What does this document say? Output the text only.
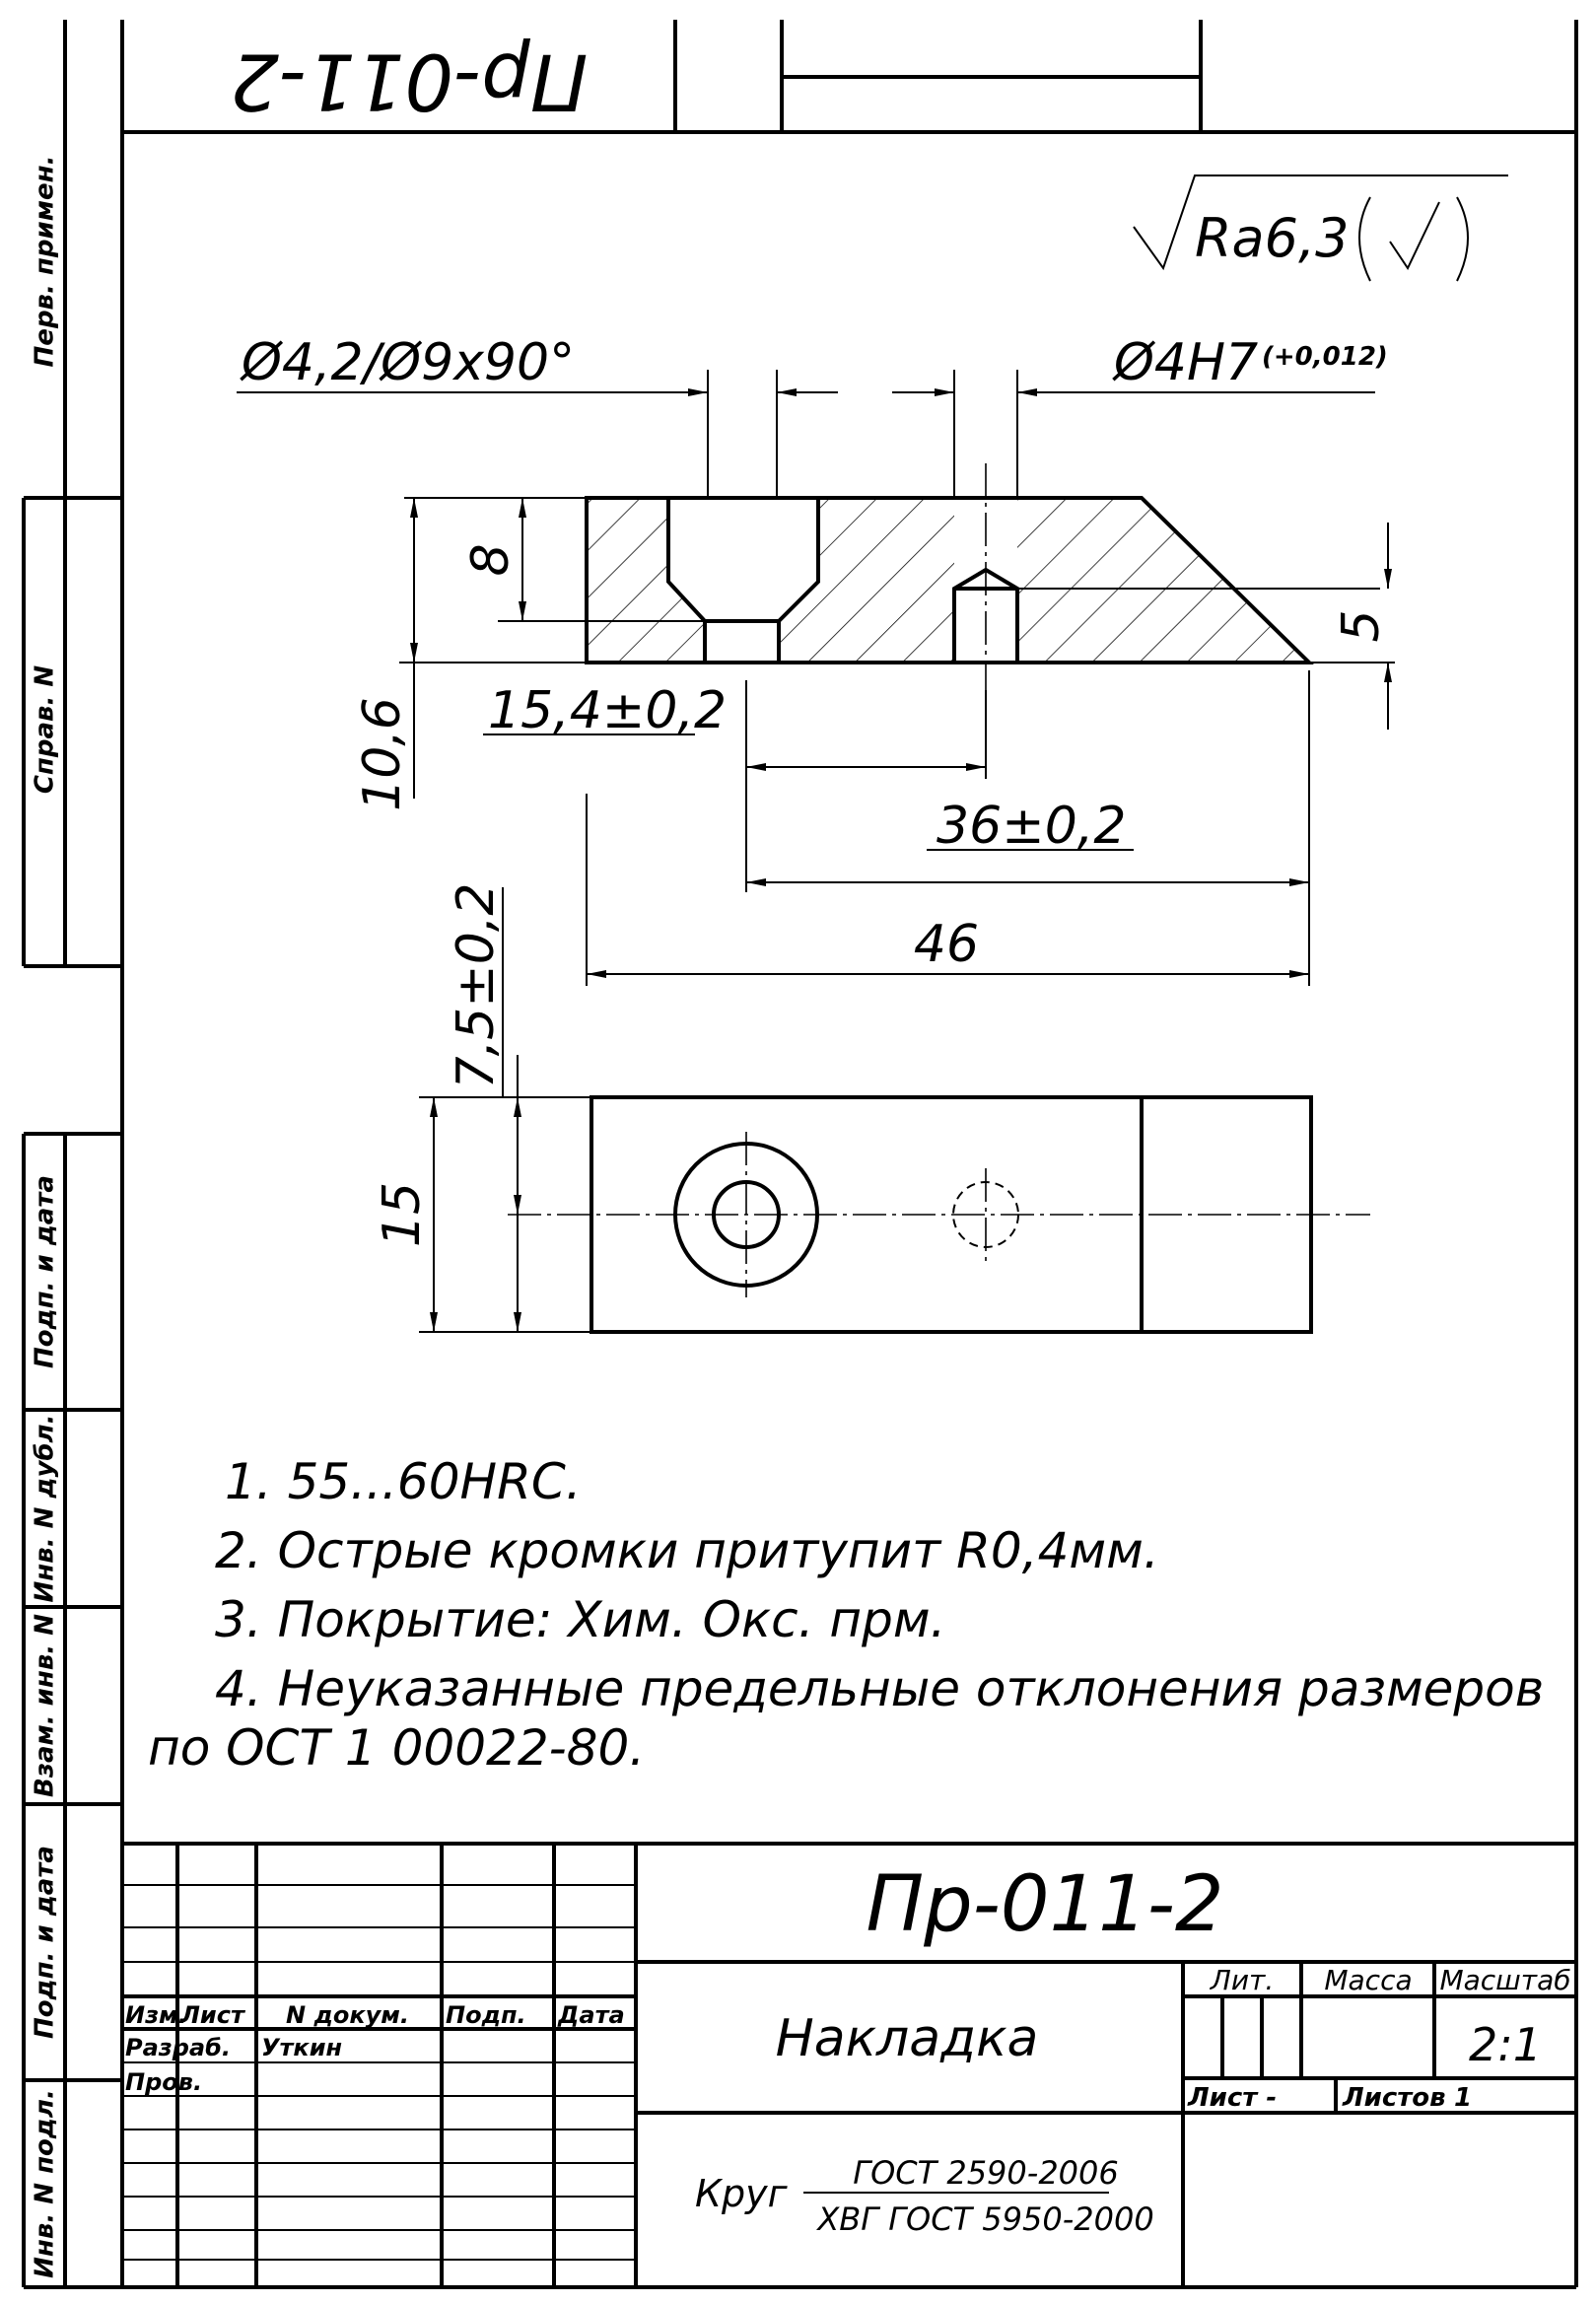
Пр-011-2
Перв. примен.
Справ. N
Подп. и дата
Инв. N дубл.
Взам. инв. N
Подп. и дата
Инв. N подл.
Ra6,3
Ø4,2/Ø9x90°	Ø4H7 (+0,012)
8
10,6
5
15,4±0,2
36±0,2
46
7,5±0,2
15
1. 55...60HRC.
2. Острые кромки притупит R0,4мм.
3. Покрытие: Хим. Окс. прм.
4. Неуказанные предельные отклонения размеров
по ОСТ 1 00022-80.
Пр-011-2
Накладка
Круг ГОСТ 2590-2006
ХВГ ГОСТ 5950-2000
Изм.
Лист N докум. Подп. Дата
Разраб. Уткин
Пров.
Лит. Масса Масштаб
2:1
Лист -	Листов 1
